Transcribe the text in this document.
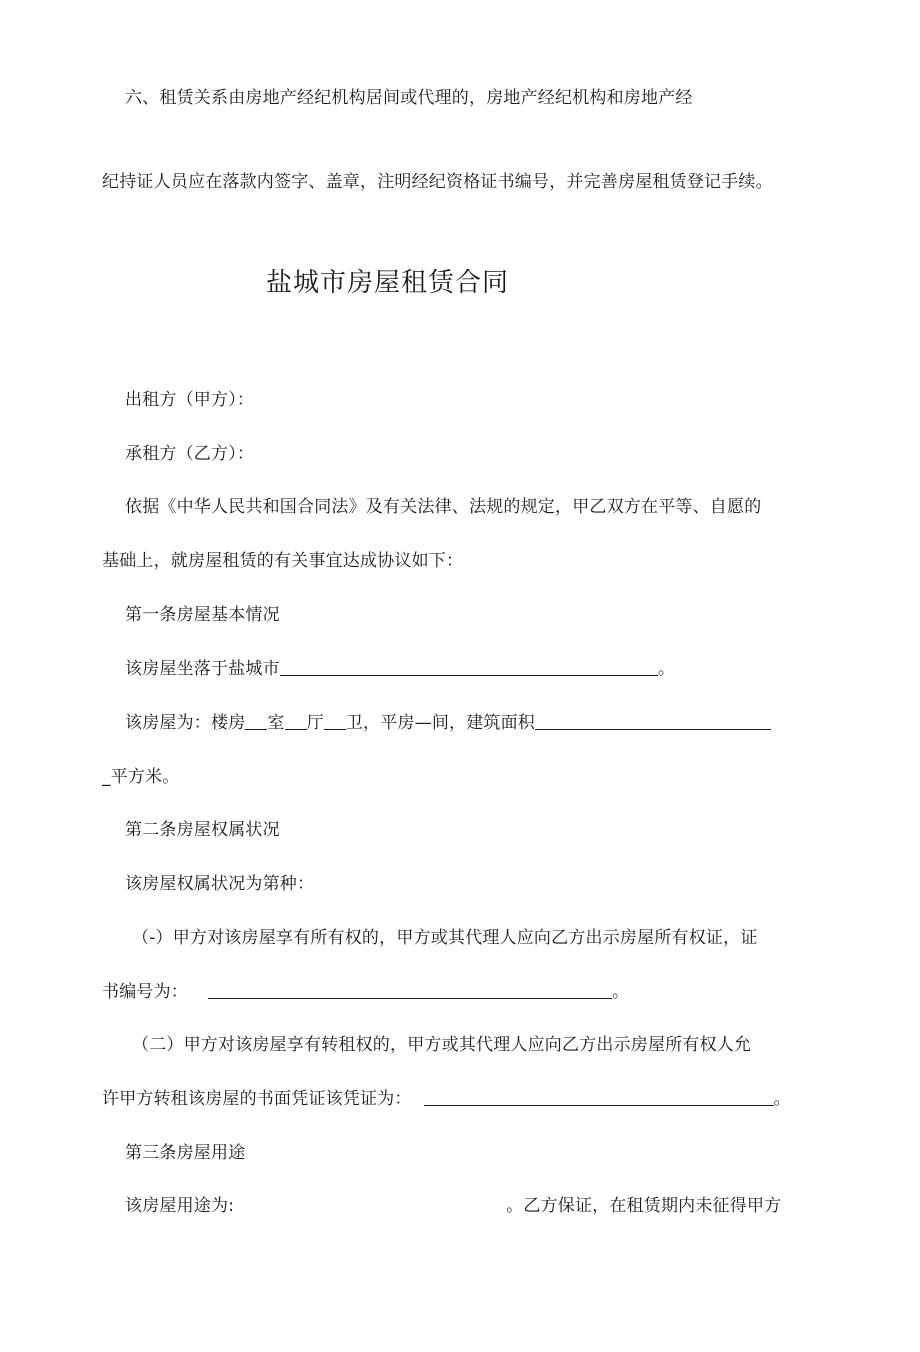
六、租赁关系由房地产经纪机构居间或代理的，房地产经纪机构和房地产经
纪持证人员应在落款内签字、盖章，注明经纪资格证书编号，并完善房屋租赁登记手续。
盐城市房屋租赁合同
出租方（甲方）：
承租方（乙方）：
依据《中华人民共和国合同法》及有关法律、法规的规定，甲乙双方在平等、自愿的
基础上，就房屋租赁的有关事宜达成协议如下：
第一条房屋基本情况
该房屋坐落于盐城市	。
该房屋为：楼房 室 厅 卫，平房—间，建筑面积
_平方米。
第二条房屋权属状况
该房屋权属状况为第种：
（-）甲方对该房屋享有所有权的，甲方或其代理人应向乙方出示房屋所有权证，证
书编号为：	。
（二）甲方对该房屋享有转租权的，甲方或其代理人应向乙方出示房屋所有权人允
许甲方转租该房屋的书面凭证该凭证为：	。
第三条房屋用途
该房屋用途为:	。乙方保证，在租赁期内未征得甲方
